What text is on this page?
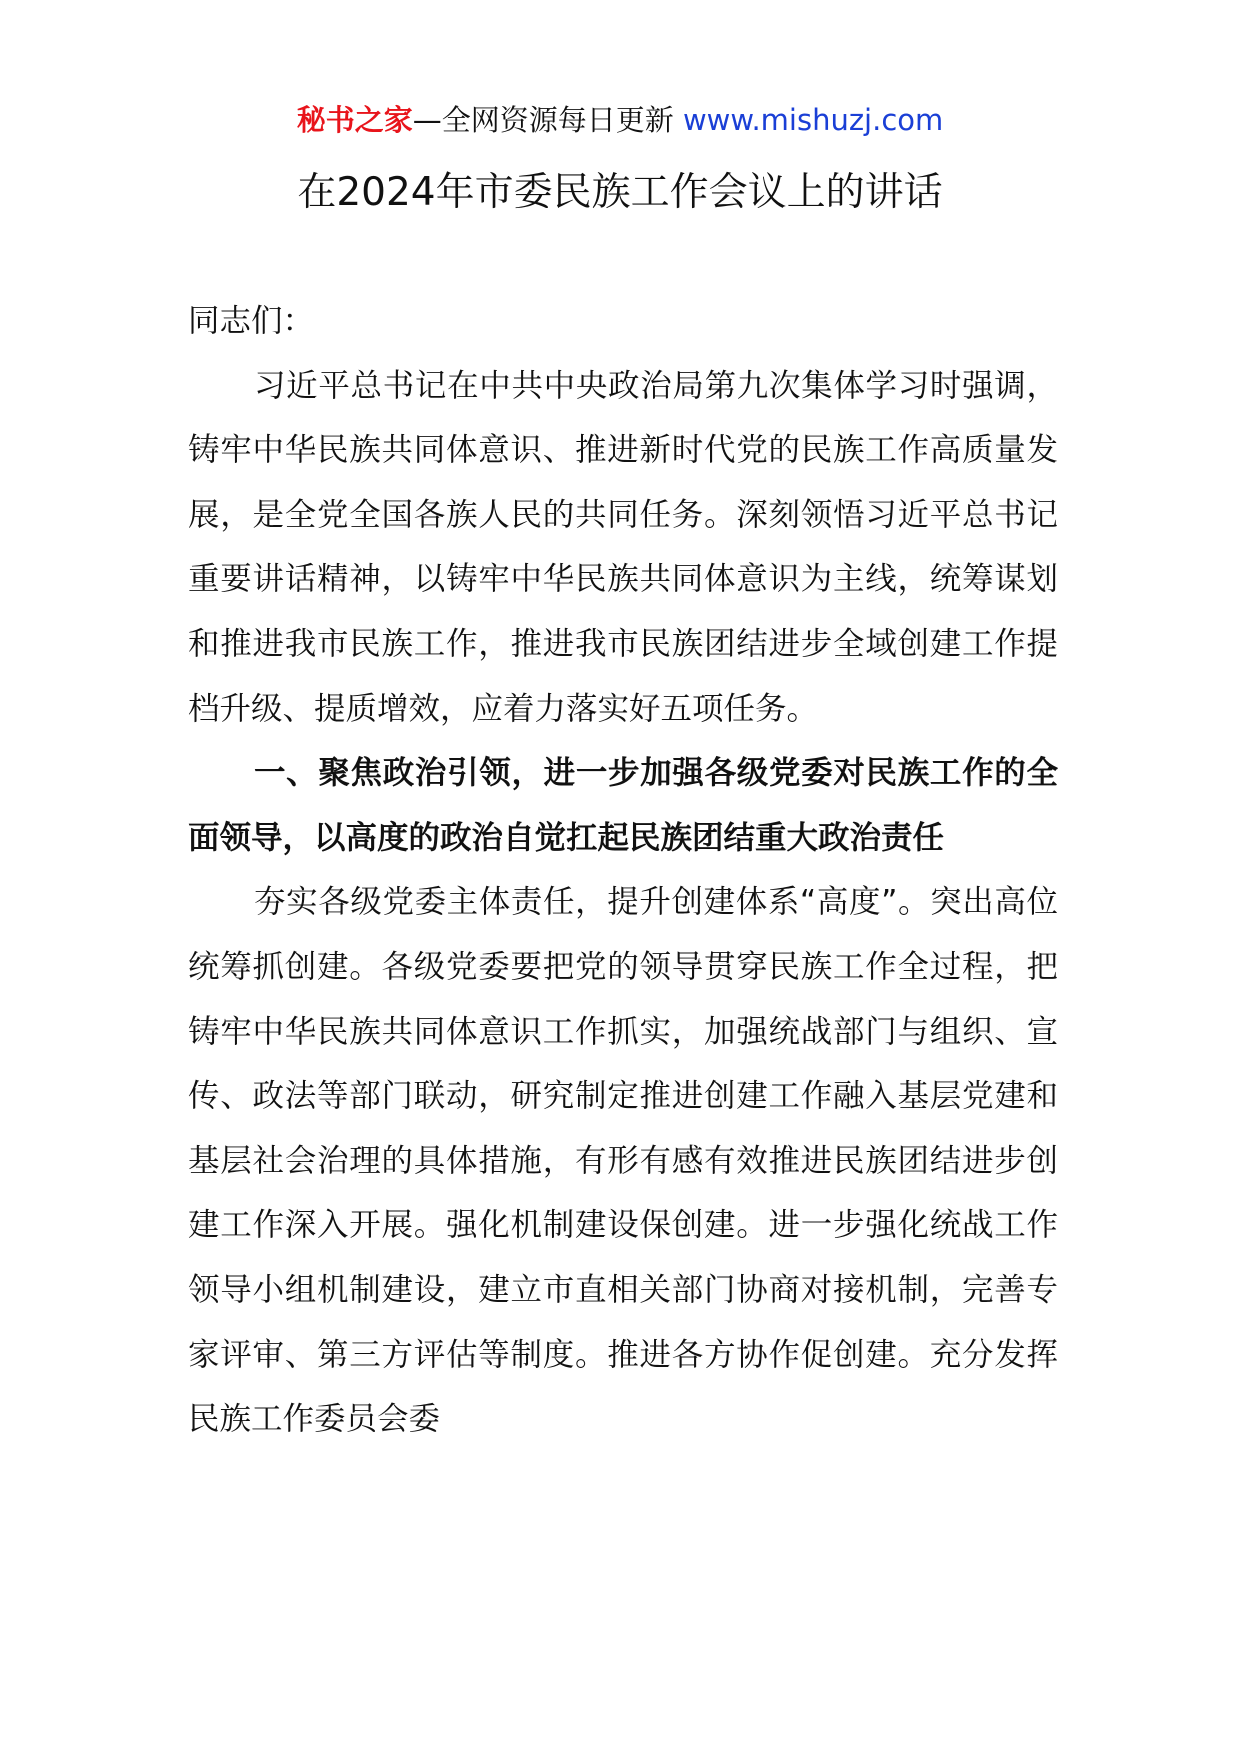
秘书之家—全网资源每日更新 www.mishuzj.com
在2024年市委民族工作会议上的讲话

同志们：

习近平总书记在中共中央政治局第九次集体学习时强调，铸牢中华民族共同体意识、推进新时代党的民族工作高质量发展，是全党全国各族人民的共同任务。深刻领悟习近平总书记重要讲话精神，以铸牢中华民族共同体意识为主线，统筹谋划和推进我市民族工作，推进我市民族团结进步全域创建工作提档升级、提质增效，应着力落实好五项任务。

一、聚焦政治引领，进一步加强各级党委对民族工作的全面领导，以高度的政治自觉扛起民族团结重大政治责任

夯实各级党委主体责任，提升创建体系“高度”。突出高位统筹抓创建。各级党委要把党的领导贯穿民族工作全过程，把铸牢中华民族共同体意识工作抓实，加强统战部门与组织、宣传、政法等部门联动，研究制定推进创建工作融入基层党建和基层社会治理的具体措施，有形有感有效推进民族团结进步创建工作深入开展。强化机制建设保创建。进一步强化统战工作领导小组机制建设，建立市直相关部门协商对接机制，完善专家评审、第三方评估等制度。推进各方协作促创建。充分发挥民族工作委员会委
